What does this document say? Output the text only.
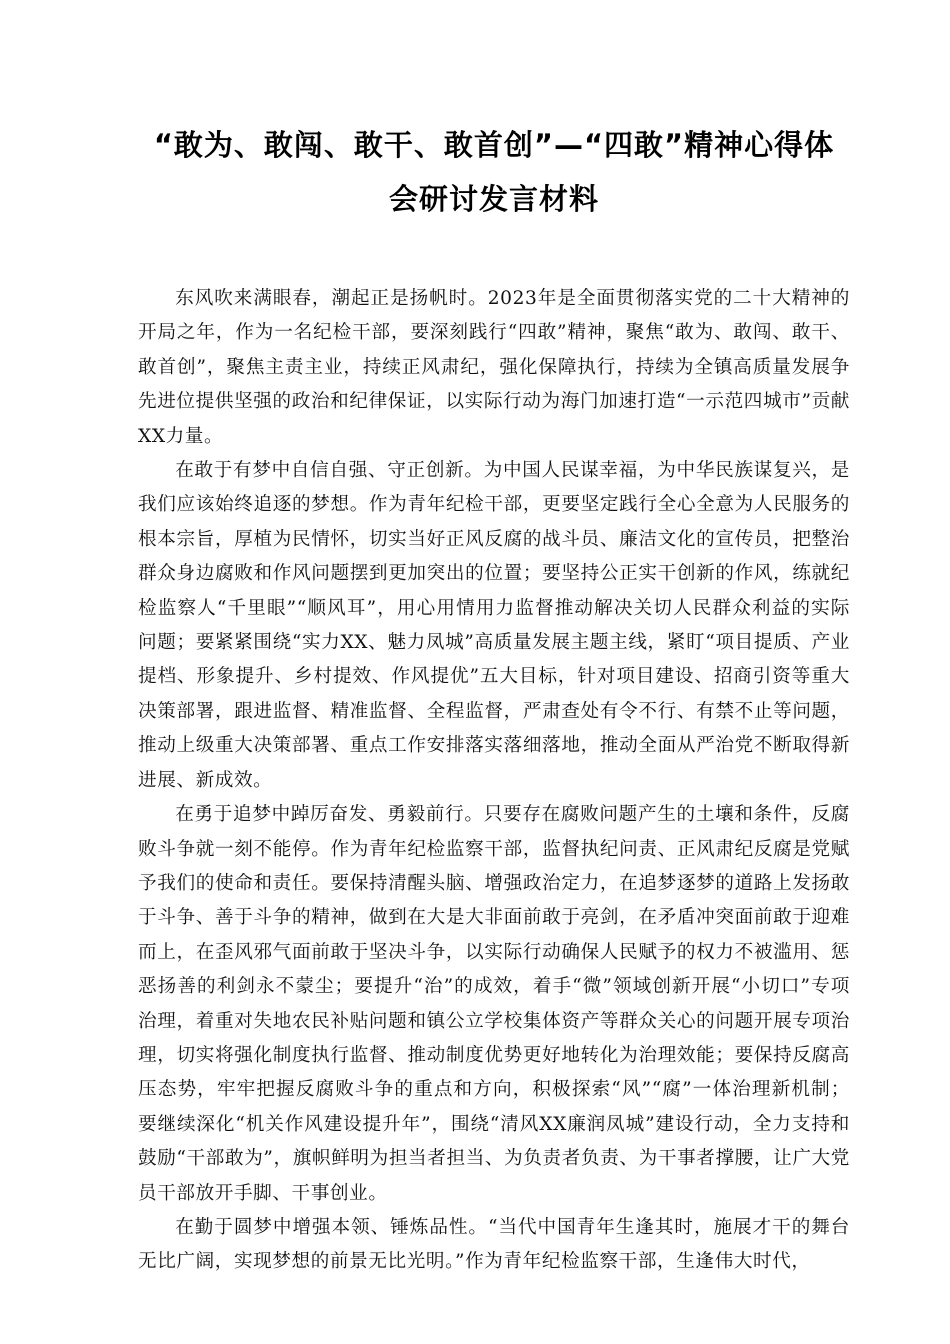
“敢为、敢闯、敢干、敢首创”—“四敢”精神心得体
会研讨发言材料

东风吹来满眼春，潮起正是扬帆时。2023年是全面贯彻落实党的二十大精神的开局之年，作为一名纪检干部，要深刻践行“四敢”精神，聚焦“敢为、敢闯、敢干、敢首创”，聚焦主责主业，持续正风肃纪，强化保障执行，持续为全镇高质量发展争先进位提供坚强的政治和纪律保证，以实际行动为海门加速打造“一示范四城市”贡献XX力量。

在敢于有梦中自信自强、守正创新。为中国人民谋幸福，为中华民族谋复兴，是我们应该始终追逐的梦想。作为青年纪检干部，更要坚定践行全心全意为人民服务的根本宗旨，厚植为民情怀，切实当好正风反腐的战斗员、廉洁文化的宣传员，把整治群众身边腐败和作风问题摆到更加突出的位置；要坚持公正实干创新的作风，练就纪检监察人“千里眼”“顺风耳”，用心用情用力监督推动解决关切人民群众利益的实际问题；要紧紧围绕“实力XX、魅力凤城”高质量发展主题主线，紧盯“项目提质、产业提档、形象提升、乡村提效、作风提优”五大目标，针对项目建设、招商引资等重大决策部署，跟进监督、精准监督、全程监督，严肃查处有令不行、有禁不止等问题，推动上级重大决策部署、重点工作安排落实落细落地，推动全面从严治党不断取得新进展、新成效。

在勇于追梦中踔厉奋发、勇毅前行。只要存在腐败问题产生的土壤和条件，反腐败斗争就一刻不能停。作为青年纪检监察干部，监督执纪问责、正风肃纪反腐是党赋予我们的使命和责任。要保持清醒头脑、增强政治定力，在追梦逐梦的道路上发扬敢于斗争、善于斗争的精神，做到在大是大非面前敢于亮剑，在矛盾冲突面前敢于迎难而上，在歪风邪气面前敢于坚决斗争，以实际行动确保人民赋予的权力不被滥用、惩恶扬善的利剑永不蒙尘；要提升“治”的成效，着手“微”领域创新开展“小切口”专项治理，着重对失地农民补贴问题和镇公立学校集体资产等群众关心的问题开展专项治理，切实将强化制度执行监督、推动制度优势更好地转化为治理效能；要保持反腐高压态势，牢牢把握反腐败斗争的重点和方向，积极探索“风”“腐”一体治理新机制；要继续深化“机关作风建设提升年”，围绕“清风XX廉润凤城”建设行动，全力支持和鼓励“干部敢为”，旗帜鲜明为担当者担当、为负责者负责、为干事者撑腰，让广大党员干部放开手脚、干事创业。

在勤于圆梦中增强本领、锤炼品性。“当代中国青年生逢其时，施展才干的舞台无比广阔，实现梦想的前景无比光明。”作为青年纪检监察干部，生逢伟大时代，
